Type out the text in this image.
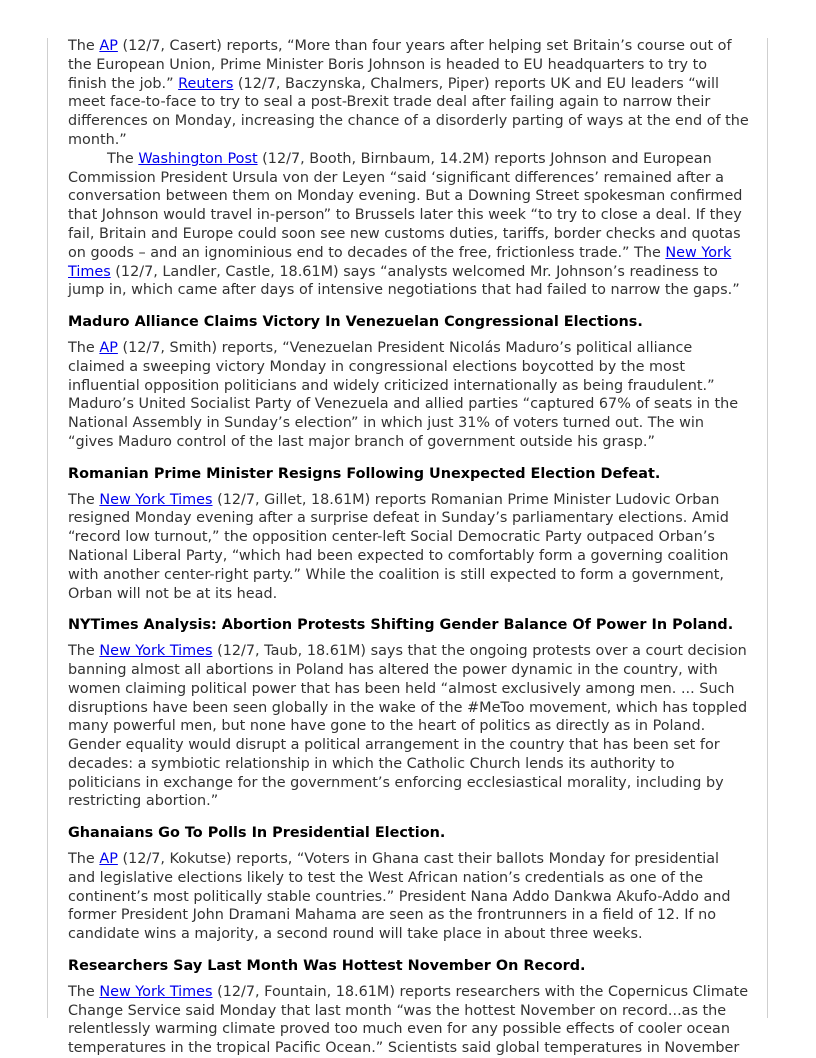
The AP (12/7, Casert) reports, “More than four years after helping set Britain’s course out of the European Union, Prime Minister Boris Johnson is headed to EU headquarters to try to finish the job.” Reuters (12/7, Baczynska, Chalmers, Piper) reports UK and EU leaders “will meet face-to-face to try to seal a post-Brexit trade deal after failing again to narrow their differences on Monday, increasing the chance of a disorderly parting of ways at the end of the month.”

The Washington Post (12/7, Booth, Birnbaum, 14.2M) reports Johnson and European Commission President Ursula von der Leyen “said ‘significant differences’ remained after a conversation between them on Monday evening. But a Downing Street spokesman confirmed that Johnson would travel in-person” to Brussels later this week “to try to close a deal. If they fail, Britain and Europe could soon see new customs duties, tariffs, border checks and quotas on goods – and an ignominious end to decades of the free, frictionless trade.” The New York Times (12/7, Landler, Castle, 18.61M) says “analysts welcomed Mr. Johnson’s readiness to jump in, which came after days of intensive negotiations that had failed to narrow the gaps.”

Maduro Alliance Claims Victory In Venezuelan Congressional Elections.

The AP (12/7, Smith) reports, “Venezuelan President Nicolás Maduro’s political alliance claimed a sweeping victory Monday in congressional elections boycotted by the most influential opposition politicians and widely criticized internationally as being fraudulent.” Maduro’s United Socialist Party of Venezuela and allied parties “captured 67% of seats in the National Assembly in Sunday’s election” in which just 31% of voters turned out. The win “gives Maduro control of the last major branch of government outside his grasp.”

Romanian Prime Minister Resigns Following Unexpected Election Defeat.

The New York Times (12/7, Gillet, 18.61M) reports Romanian Prime Minister Ludovic Orban resigned Monday evening after a surprise defeat in Sunday’s parliamentary elections. Amid “record low turnout,” the opposition center-left Social Democratic Party outpaced Orban’s National Liberal Party, “which had been expected to comfortably form a governing coalition with another center-right party.” While the coalition is still expected to form a government, Orban will not be at its head.

NYTimes Analysis: Abortion Protests Shifting Gender Balance Of Power In Poland.

The New York Times (12/7, Taub, 18.61M) says that the ongoing protests over a court decision banning almost all abortions in Poland has altered the power dynamic in the country, with women claiming political power that has been held “almost exclusively among men. ... Such disruptions have been seen globally in the wake of the #MeToo movement, which has toppled many powerful men, but none have gone to the heart of politics as directly as in Poland. Gender equality would disrupt a political arrangement in the country that has been set for decades: a symbiotic relationship in which the Catholic Church lends its authority to politicians in exchange for the government’s enforcing ecclesiastical morality, including by restricting abortion.”

Ghanaians Go To Polls In Presidential Election.

The AP (12/7, Kokutse) reports, “Voters in Ghana cast their ballots Monday for presidential and legislative elections likely to test the West African nation’s credentials as one of the continent’s most politically stable countries.” President Nana Addo Dankwa Akufo-Addo and former President John Dramani Mahama are seen as the frontrunners in a field of 12. If no candidate wins a majority, a second round will take place in about three weeks.

Researchers Say Last Month Was Hottest November On Record.

The New York Times (12/7, Fountain, 18.61M) reports researchers with the Copernicus Climate Change Service said Monday that last month “was the hottest November on record...as the relentlessly warming climate proved too much even for any possible effects of cooler ocean temperatures in the tropical Pacific Ocean.” Scientists said global temperatures in November
